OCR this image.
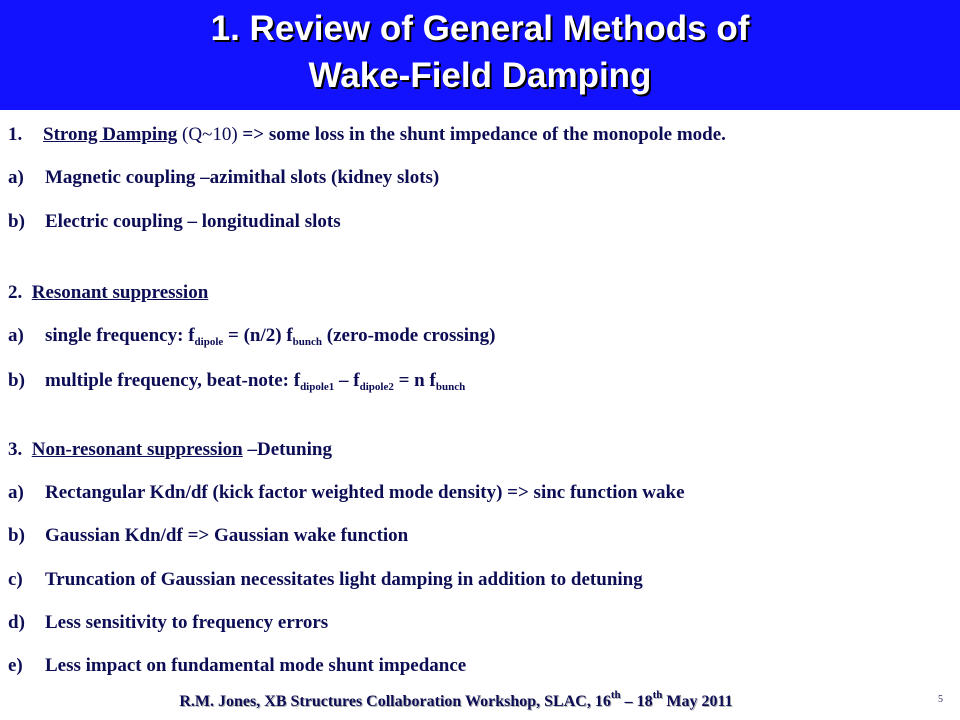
1. Review of General Methods of
Wake-Field Damping
1. Strong Damping (Q~10) => some loss in the shunt impedance of the monopole mode.
a) Magnetic coupling –azimithal slots (kidney slots)
b) Electric coupling – longitudinal slots
2. Resonant suppression
a) single frequency: $f_{dipole} = (n/2)$ $f_{bunch}$ (zero-mode crossing)
b) multiple frequency, beat-note: $f_{dipole1} - f_{dipole2} = n$ $f_{bunch}$
3. Non-resonant suppression –Detuning
a) Rectangular Kdn/df (kick factor weighted mode density) => sinc function wake
b) Gaussian Kdn/df => Gaussian wake function
c) Truncation of Gaussian necessitates light damping in addition to detuning
d) Less sensitivity to frequency errors
e) Less impact on fundamental mode shunt impedance
R.M. Jones, XB Structures Collaboration Workshop, SLAC, 16th – 18th May 2011	5
